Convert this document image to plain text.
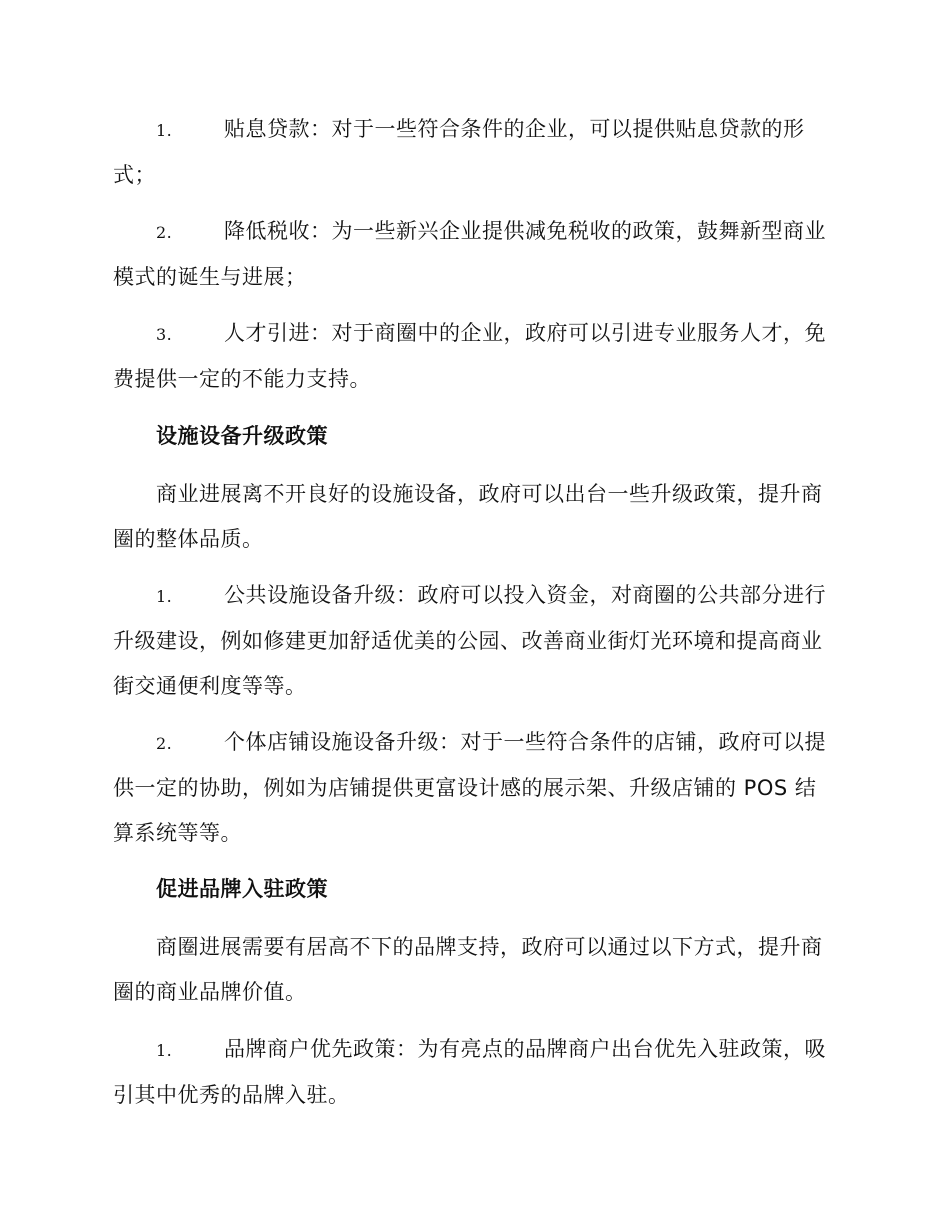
1. 贴息贷款：对于一些符合条件的企业，可以提供贴息贷款的形式；
2. 降低税收：为一些新兴企业提供减免税收的政策，鼓舞新型商业模式的诞生与进展；
3. 人才引进：对于商圈中的企业，政府可以引进专业服务人才，免费提供一定的不能力支持。
设施设备升级政策
商业进展离不开良好的设施设备，政府可以出台一些升级政策，提升商圈的整体品质。
1. 公共设施设备升级：政府可以投入资金，对商圈的公共部分进行升级建设，例如修建更加舒适优美的公园、改善商业街灯光环境和提高商业街交通便利度等等。
2. 个体店铺设施设备升级：对于一些符合条件的店铺，政府可以提供一定的协助，例如为店铺提供更富设计感的展示架、升级店铺的 POS 结算系统等等。
促进品牌入驻政策
商圈进展需要有居高不下的品牌支持，政府可以通过以下方式，提升商圈的商业品牌价值。
1. 品牌商户优先政策：为有亮点的品牌商户出台优先入驻政策，吸引其中优秀的品牌入驻。
